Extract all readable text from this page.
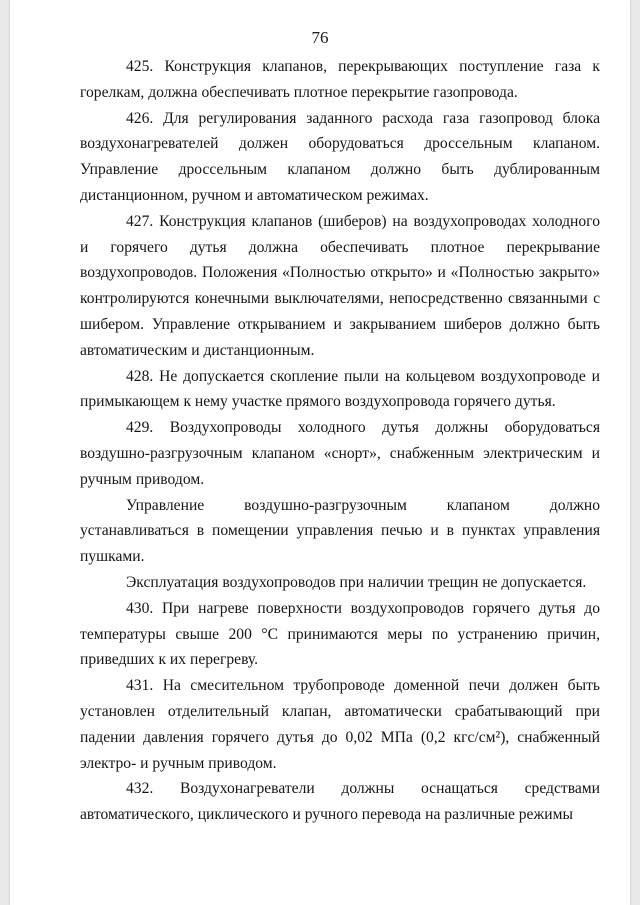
76

425. Конструкция клапанов, перекрывающих поступление газа к горелкам, должна обеспечивать плотное перекрытие газопровода.

426. Для регулирования заданного расхода газа газопровод блока воздухонагревателей должен оборудоваться дроссельным клапаном. Управление дроссельным клапаном должно быть дублированным дистанционном, ручном и автоматическом режимах.

427. Конструкция клапанов (шиберов) на воздухопроводах холодного и горячего дутья должна обеспечивать плотное перекрывание воздухопроводов. Положения «Полностью открыто» и «Полностью закрыто» контролируются конечными выключателями, непосредственно связанными с шибером. Управление открыванием и закрыванием шиберов должно быть автоматическим и дистанционным.

428. Не допускается скопление пыли на кольцевом воздухопроводе и примыкающем к нему участке прямого воздухопровода горячего дутья.

429. Воздухопроводы холодного дутья должны оборудоваться воздушно-разгрузочным клапаном «снорт», снабженным электрическим и ручным приводом.

Управление воздушно-разгрузочным клапаном должно устанавливаться в помещении управления печью и в пунктах управления пушками.

Эксплуатация воздухопроводов при наличии трещин не допускается.

430. При нагреве поверхности воздухопроводов горячего дутья до температуры свыше 200 °С принимаются меры по устранению причин, приведших к их перегреву.

431. На смесительном трубопроводе доменной печи должен быть установлен отделительный клапан, автоматически срабатывающий при падении давления горячего дутья до 0,02 МПа (0,2 кгс/см²), снабженный электро- и ручным приводом.

432. Воздухонагреватели должны оснащаться средствами автоматического, циклического и ручного перевода на различные режимы
